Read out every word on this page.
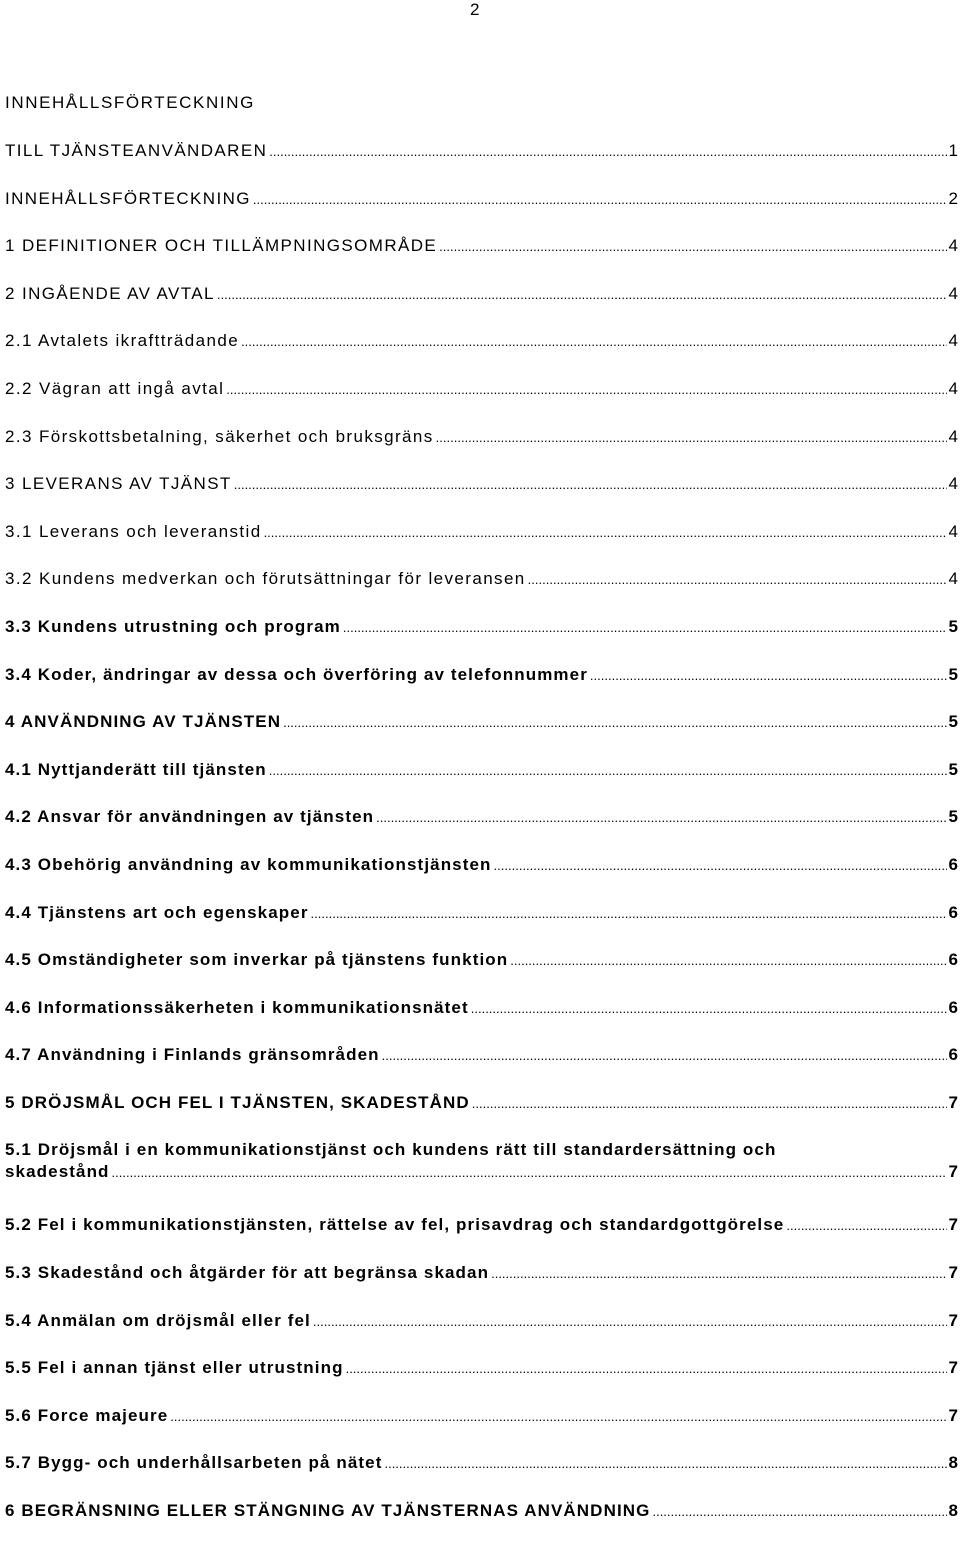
2
INNEHÅLLSFÖRTECKNING
TILL TJÄNSTEANVÄNDAREN .....	1
INNEHÅLLSFÖRTECKNING .....	2
1 DEFINITIONER OCH TILLÄMPNINGSOMRÅDE .....	4
2 INGÅENDE AV AVTAL .....	4
2.1 Avtalets ikraftträdande .....	4
2.2 Vägran att ingå avtal .....	4
2.3 Förskottsbetalning, säkerhet och bruksgräns .....	4
3 LEVERANS AV TJÄNST .....	4
3.1 Leverans och leveranstid .....	4
3.2 Kundens medverkan och förutsättningar för leveransen .....	4
3.3 Kundens utrustning och program .....	5
3.4 Koder, ändringar av dessa och överföring av telefonnummer .....	5
4 ANVÄNDNING AV TJÄNSTEN .....	5
4.1 Nyttjanderätt till tjänsten .....	5
4.2 Ansvar för användningen av tjänsten .....	5
4.3 Obehörig användning av kommunikationstjänsten .....	6
4.4 Tjänstens art och egenskaper .....	6
4.5 Omständigheter som inverkar på tjänstens funktion .....	6
4.6 Informationssäkerheten i kommunikationsnätet .....	6
4.7 Användning i Finlands gränsområden .....	6
5 DRÖJSMÅL OCH FEL I TJÄNSTEN, SKADESTÅND .....	7
5.1 Dröjsmål i en kommunikationstjänst och kundens rätt till standardersättning och
skadestånd .....	7
5.2 Fel i kommunikationstjänsten, rättelse av fel, prisavdrag och standardgottgörelse .....	7
5.3 Skadestånd och åtgärder för att begränsa skadan .....	7
5.4 Anmälan om dröjsmål eller fel .....	7
5.5 Fel i annan tjänst eller utrustning .....	7
5.6 Force majeure .....	7
5.7 Bygg- och underhållsarbeten på nätet .....	8
6 BEGRÄNSNING ELLER STÄNGNING AV TJÄNSTERNAS ANVÄNDNING .....	8
